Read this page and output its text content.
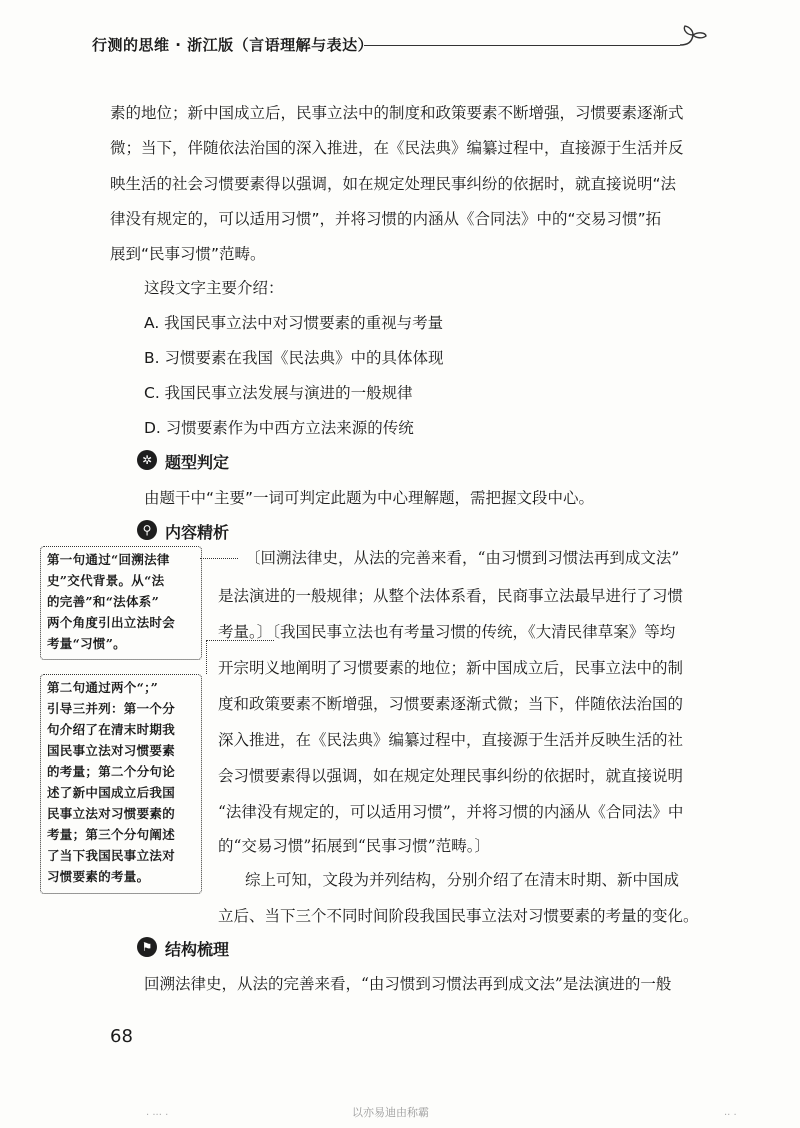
行测的思维 · 浙江版（言语理解与表达）
素的地位；新中国成立后，民事立法中的制度和政策要素不断增强，习惯要素逐渐式
微；当下，伴随依法治国的深入推进，在《民法典》编纂过程中，直接源于生活并反
映生活的社会习惯要素得以强调，如在规定处理民事纠纷的依据时，就直接说明“法
律没有规定的，可以适用习惯”，并将习惯的内涵从《合同法》中的“交易习惯”拓
展到“民事习惯”范畴。
这段文字主要介绍：
A. 我国民事立法中对习惯要素的重视与考量
B. 习惯要素在我国《民法典》中的具体体现
C. 我国民事立法发展与演进的一般规律
D. 习惯要素作为中西方立法来源的传统
✲ 题型判定
由题干中“主要”一词可判定此题为中心理解题，需把握文段中心。
⚲ 内容精析
〔回溯法律史，从法的完善来看，“由习惯到习惯法再到成文法”
是法演进的一般规律；从整个法体系看，民商事立法最早进行了习惯
考量。〕〔我国民事立法也有考量习惯的传统，《大清民律草案》等均
开宗明义地阐明了习惯要素的地位；新中国成立后，民事立法中的制
度和政策要素不断增强，习惯要素逐渐式微；当下，伴随依法治国的
深入推进，在《民法典》编纂过程中，直接源于生活并反映生活的社
会习惯要素得以强调，如在规定处理民事纠纷的依据时，就直接说明
“法律没有规定的，可以适用习惯”，并将习惯的内涵从《合同法》中
的“交易习惯”拓展到“民事习惯”范畴。〕
综上可知，文段为并列结构，分别介绍了在清末时期、新中国成
立后、当下三个不同时间阶段我国民事立法对习惯要素的考量的变化。
第一句通过“回溯法律
史”交代背景。从“法
的完善”和“法体系”
两个角度引出立法时会
考量“习惯”。
第二句通过两个“；”
引导三并列：第一个分
句介绍了在清末时期我
国民事立法对习惯要素
的考量；第二个分句论
述了新中国成立后我国
民事立法对习惯要素的
考量；第三个分句阐述
了当下我国民事立法对
习惯要素的考量。
⚑ 结构梳理
回溯法律史，从法的完善来看，“由习惯到习惯法再到成文法”是法演进的一般
68
以亦易迪由称霸
· ··· ·	·· ·
